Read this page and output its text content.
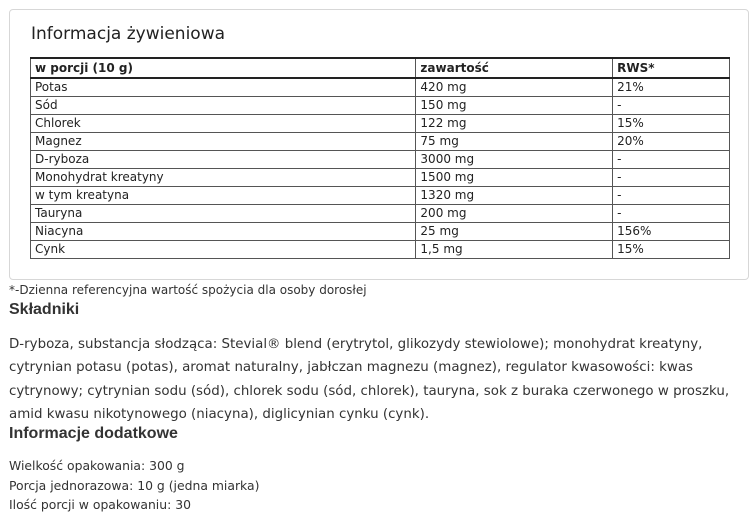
Informacja żywieniowa
w porcji (10 g)	zawartość	RWS*
Potas	420 mg	21%
Sód	150 mg	-
Chlorek	122 mg	15%
Magnez	75 mg	20%
D-ryboza	3000 mg	-
Monohydrat kreatyny	1500 mg	-
w tym kreatyna	1320 mg	-
Tauryna	200 mg	-
Niacyna	25 mg	156%
Cynk	1,5 mg	15%
*-Dzienna referencyjna wartość spożycia dla osoby dorosłej
Składniki
D-ryboza, substancja słodząca: Stevial® blend (erytrytol, glikozydy stewiolowe); monohydrat kreatyny, cytrynian potasu (potas), aromat naturalny, jabłczan magnezu (magnez), regulator kwasowości: kwas cytrynowy; cytrynian sodu (sód), chlorek sodu (sód, chlorek), tauryna, sok z buraka czerwonego w proszku, amid kwasu nikotynowego (niacyna), diglicynian cynku (cynk).
Informacje dodatkowe
Wielkość opakowania: 300 g
Porcja jednorazowa: 10 g (jedna miarka)
Ilość porcji w opakowaniu: 30
